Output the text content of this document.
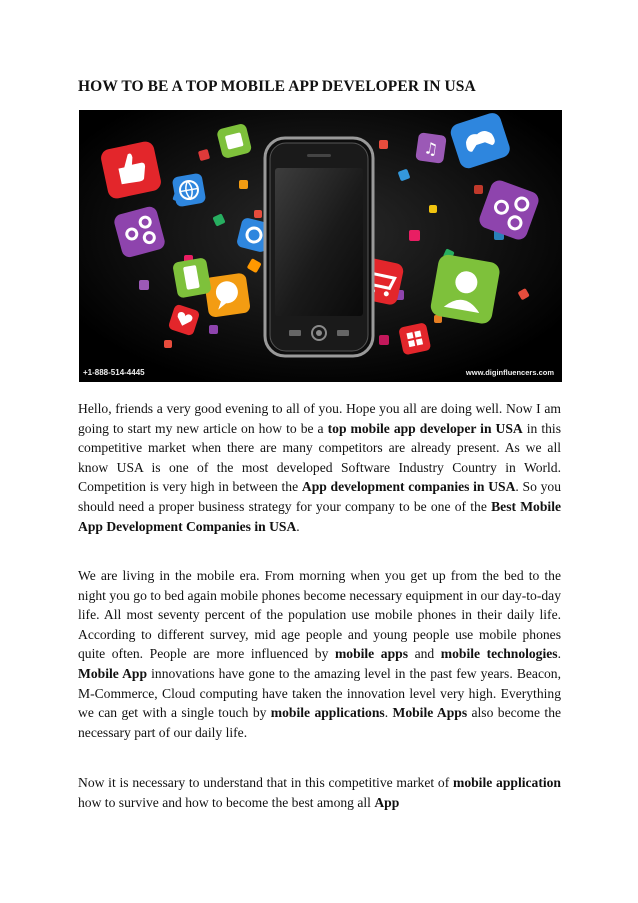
HOW TO BE A TOP MOBILE APP DEVELOPER IN USA
♫
+1-888-514-4445	www.diginfluencers.com

Hello, friends a very good evening to all of you. Hope you all are doing well. Now I am going to start my new article on how to be a top mobile app developer in USA in this competitive market when there are many competitors are already present. As we all know USA is one of the most developed Software Industry Country in World. Competition is very high in between the App development companies in USA. So you should need a proper business strategy for your company to be one of the Best Mobile App Development Companies in USA.

We are living in the mobile era. From morning when you get up from the bed to the night you go to bed again mobile phones become necessary equipment in our day-to-day life. All most seventy percent of the population use mobile phones in their daily life. According to different survey, mid age people and young people use mobile phones quite often. People are more influenced by mobile apps and mobile technologies. Mobile App innovations have gone to the amazing level in the past few years. Beacon, M-Commerce, Cloud computing have taken the innovation level very high. Everything we can get with a single touch by mobile applications. Mobile Apps also become the necessary part of our daily life.

Now it is necessary to understand that in this competitive market of mobile application how to survive and how to become the best among all App
